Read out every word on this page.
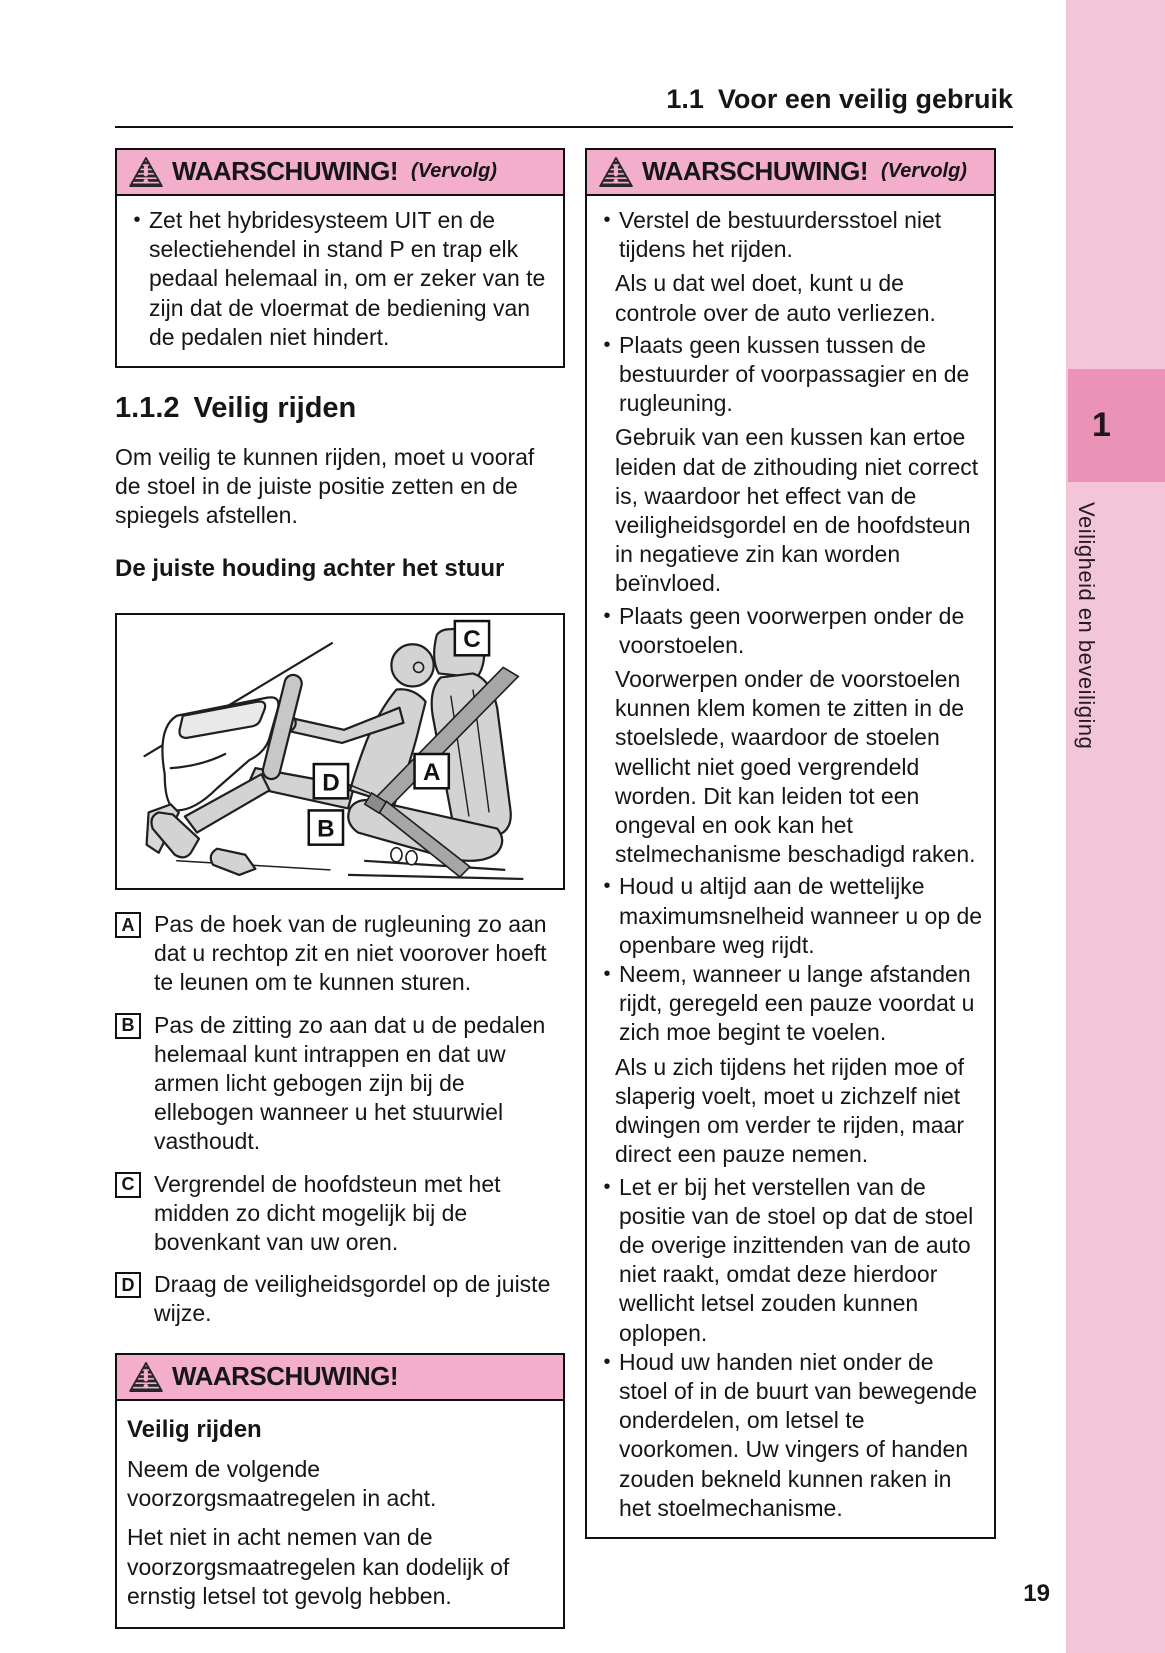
1
Veiligheid en beveiliging
1.1 Voor een veilig gebruik
WAARSCHUWING! (Vervolg)
• Zet het hybridesysteem UIT en de selectiehendel in stand P en trap elk pedaal helemaal in, om er zeker van te zijn dat de vloermat de bediening van de pedalen niet hindert.
1.1.2 Veilig rijden

Om veilig te kunnen rijden, moet u vooraf de stoel in de juiste positie zetten en de spiegels afstellen.

De juiste houding achter het stuur

C
A
D
B
A Pas de hoek van de rugleuning zo aan dat u rechtop zit en niet voorover hoeft te leunen om te kunnen sturen.
B Pas de zitting zo aan dat u de pedalen helemaal kunt intrappen en dat uw armen licht gebogen zijn bij de ellebogen wanneer u het stuurwiel vasthoudt.
C Vergrendel de hoofdsteun met het midden zo dicht mogelijk bij de bovenkant van uw oren.
D Draag de veiligheidsgordel op de juiste wijze.
WAARSCHUWING!

Veilig rijden

Neem de volgende voorzorgsmaatregelen in acht.

Het niet in acht nemen van de voorzorgsmaatregelen kan dodelijk of ernstig letsel tot gevolg hebben.

WAARSCHUWING! (Vervolg)
• Verstel de bestuurdersstoel niet tijdens het rijden.

Als u dat wel doet, kunt u de controle over de auto verliezen.

• Plaats geen kussen tussen de bestuurder of voorpassagier en de rugleuning.

Gebruik van een kussen kan ertoe leiden dat de zithouding niet correct is, waardoor het effect van de veiligheidsgordel en de hoofdsteun in negatieve zin kan worden beïnvloed.

• Plaats geen voorwerpen onder de voorstoelen.

Voorwerpen onder de voorstoelen kunnen klem komen te zitten in de stoelslede, waardoor de stoelen wellicht niet goed vergrendeld worden. Dit kan leiden tot een ongeval en ook kan het stelmechanisme beschadigd raken.

• Houd u altijd aan de wettelijke maximumsnelheid wanneer u op de openbare weg rijdt.
• Neem, wanneer u lange afstanden rijdt, geregeld een pauze voordat u zich moe begint te voelen.

Als u zich tijdens het rijden moe of slaperig voelt, moet u zichzelf niet dwingen om verder te rijden, maar direct een pauze nemen.

• Let er bij het verstellen van de positie van de stoel op dat de stoel de overige inzittenden van de auto niet raakt, omdat deze hierdoor wellicht letsel zouden kunnen oplopen.
• Houd uw handen niet onder de stoel of in de buurt van bewegende onderdelen, om letsel te voorkomen. Uw vingers of handen zouden bekneld kunnen raken in het stoelmechanisme.
19
